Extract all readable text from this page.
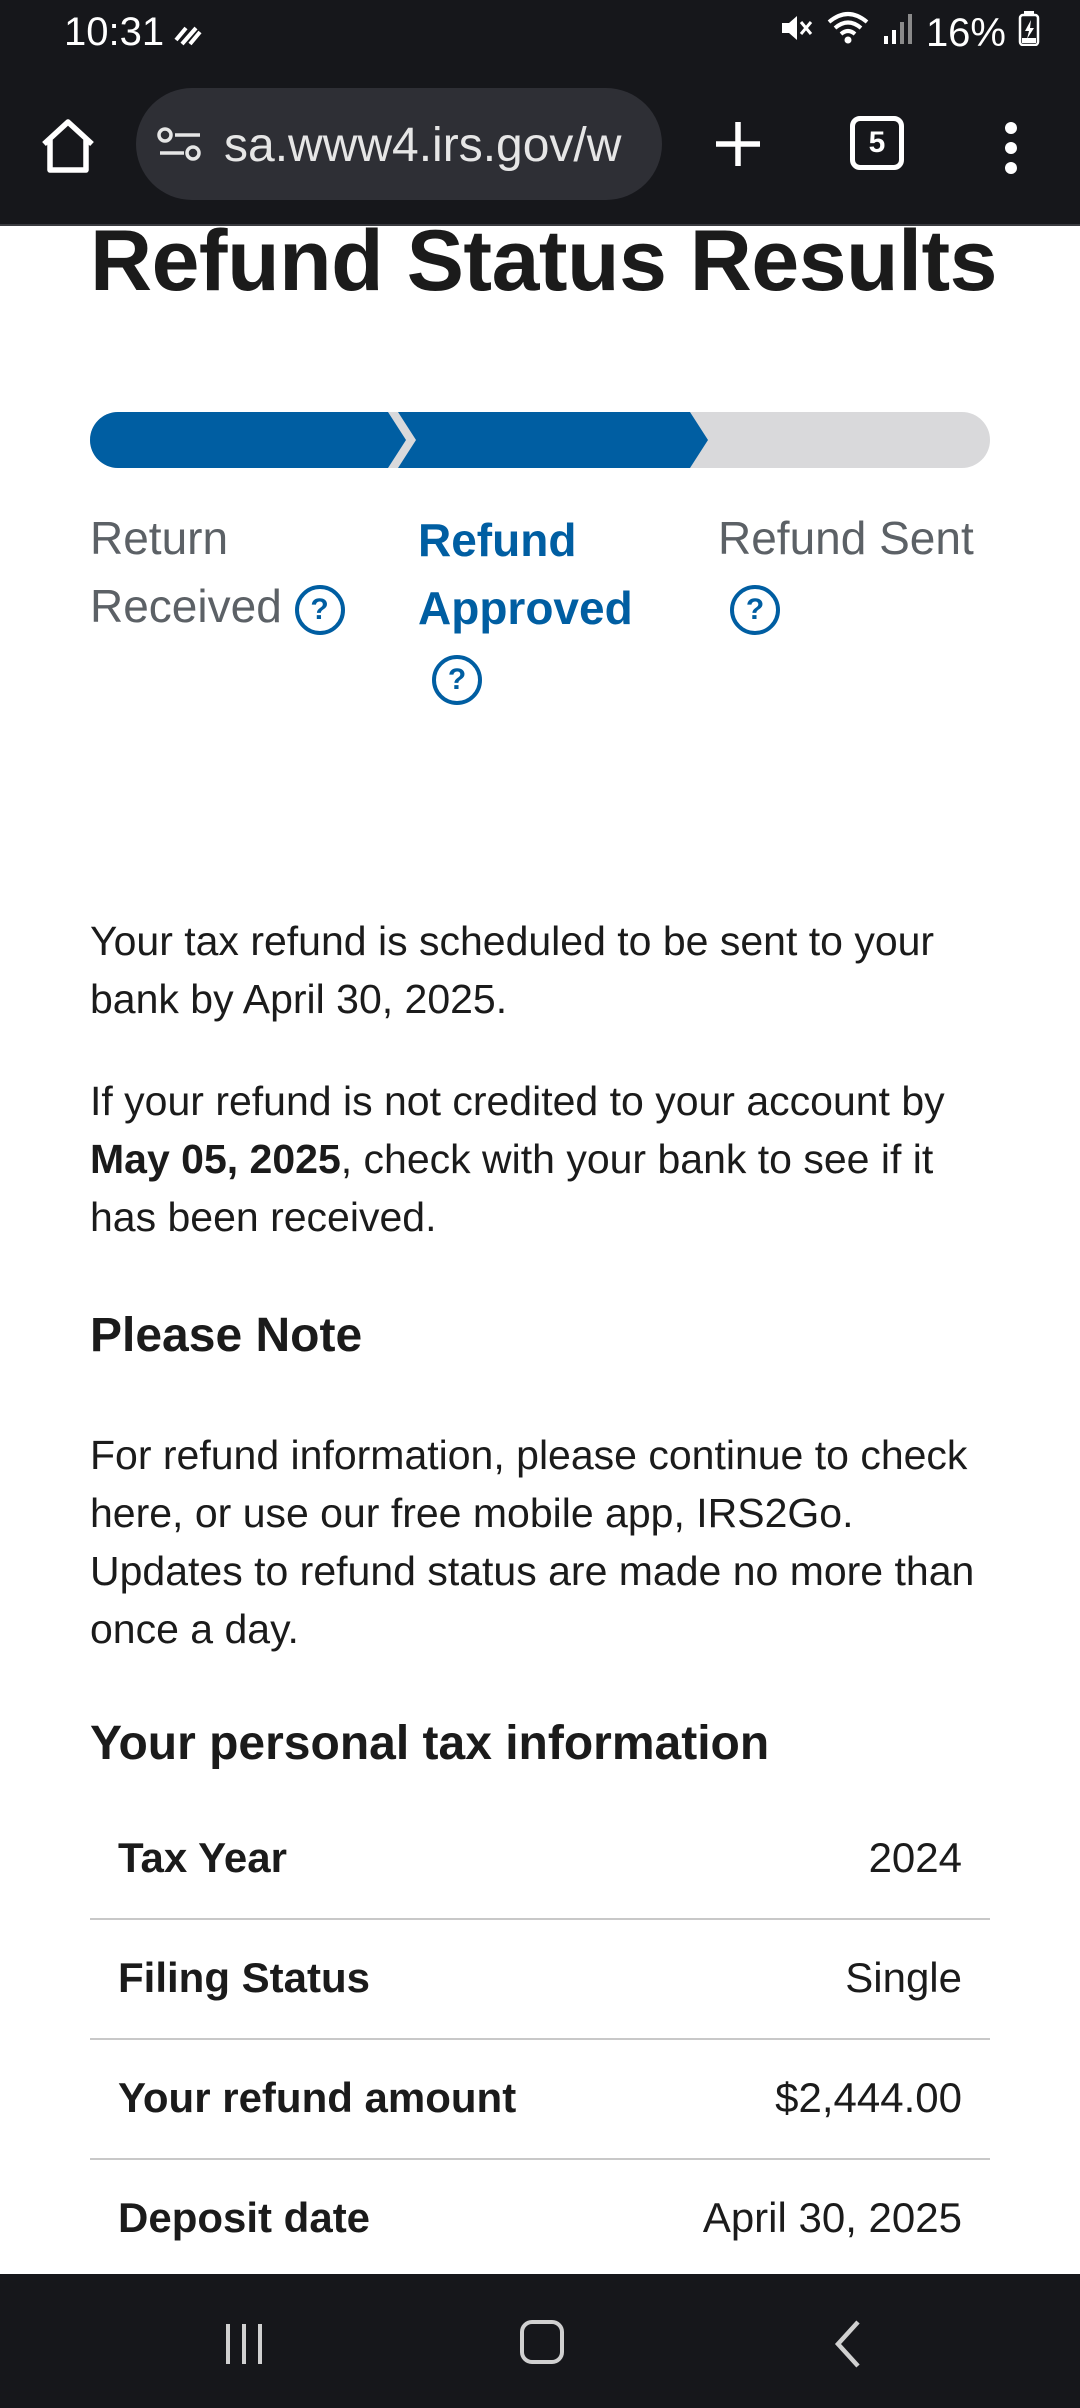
10:31	16%
sa.www4.irs.gov/w	5
Refund Status Results
Return
Received ?
Refund
Approved
?
Refund Sent
?

Your tax refund is scheduled to be sent to your bank by April 30, 2025.

If your refund is not credited to your account by May 05, 2025, check with your bank to see if it has been received.

Please Note

For refund information, please continue to check here, or use our free mobile app, IRS2Go. Updates to refund status are made no more than once a day.

Your personal tax information
Tax Year	2024
Filing Status	Single
Your refund amount	$2,444.00
Deposit date	April 30, 2025
